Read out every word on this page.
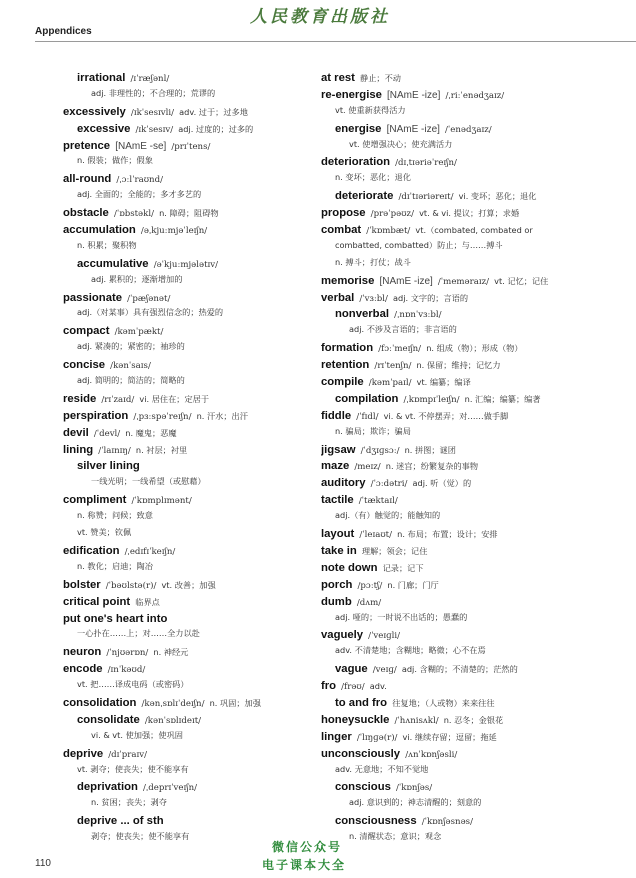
人民教育出版社
Appendices
irrational /ɪˈræʃənl/
adj. 非理性的；不合理的；荒谬的
excessively /ɪkˈsesɪvli/ adv. 过于；过多地
excessive /ɪkˈsesɪv/ adj. 过度的；过多的
pretence [NAmE -se] /prɪˈtens/
n. 假装；做作；假象
all-round /ˌɔːlˈraʊnd/
adj. 全面的；全能的；多才多艺的
obstacle /ˈɒbstəkl/ n. 障碍；阻碍物
accumulation /əˌkjuːmjəˈleɪʃn/
n. 积累；聚积物
accumulative /əˈkjuːmjələtɪv/
adj. 累积的；逐渐增加的
passionate /ˈpæʃənət/
adj.（对某事）具有强烈信念的；热爱的
compact /kəmˈpækt/
adj. 紧凑的；紧密的；袖珍的
concise /kənˈsaɪs/
adj. 简明的；简洁的；简略的
reside /rɪˈzaɪd/ vi. 居住在；定居于
perspiration /ˌpɜːspəˈreɪʃn/ n. 汗水；出汗
devil /ˈdevl/ n. 魔鬼；恶魔
lining /ˈlaɪnɪŋ/ n. 衬层；衬里
silver lining
一线光明；一线希望（或慰藉）
compliment /ˈkɒmplɪmənt/
n. 称赞；问候；致意
vt. 赞美；钦佩
edification /ˌedɪfɪˈkeɪʃn/
n. 教化；启迪；陶冶
bolster /ˈbəʊlstə(r)/ vt. 改善；加强
critical point 临界点
put one's heart into
一心扑在……上；对……全力以赴
neuron /ˈnjʊərɒn/ n. 神经元
encode /ɪnˈkəʊd/
vt. 把……译成电码（或密码）
consolidation /kənˌsɒlɪˈdeɪʃn/ n. 巩固；加强
consolidate /kənˈsɒlɪdeɪt/
vi. & vt. 使加强；使巩固
deprive /dɪˈpraɪv/
vt. 剥夺；使丧失；使不能享有
deprivation /ˌdeprɪˈveɪʃn/
n. 贫困；丧失；剥夺
deprive ... of sth
剥夺；使丧失；使不能享有
at rest 静止；不动
re-energise [NAmE -ize] /ˌriːˈenədʒaɪz/
vt. 使重新获得活力
energise [NAmE -ize] /ˈenədʒaɪz/
vt. 使增强决心；使充满活力
deterioration /dɪˌtɪəriəˈreɪʃn/
n. 变坏；恶化；退化
deteriorate /dɪˈtɪəriəreɪt/ vi. 变坏；恶化；退化
propose /prəˈpəʊz/ vt. & vi. 提议；打算；求婚
combat /ˈkɒmbæt/ vt.（combated, combated or
combatted, combatted）防止；与……搏斗
n. 搏斗；打仗；战斗
memorise [NAmE -ize] /ˈmeməraɪz/ vt. 记忆；记住
verbal /ˈvɜːbl/ adj. 文字的；言语的
nonverbal /ˌnɒnˈvɜːbl/
adj. 不涉及言语的；非言语的
formation /fɔːˈmeɪʃn/ n. 组成（物）；形成（物）
retention /rɪˈtenʃn/ n. 保留；维持；记忆力
compile /kəmˈpaɪl/ vt. 编纂；编译
compilation /ˌkɒmpɪˈleɪʃn/ n. 汇编；编纂；编著
fiddle /ˈfɪdl/ vi. & vt. 不停摆弄；对……做手脚
n. 骗局；欺诈；骗局
jigsaw /ˈdʒɪɡsɔː/ n. 拼图；谜团
maze /meɪz/ n. 迷宫；纷繁复杂的事物
auditory /ˈɔːdətri/ adj. 听（觉）的
tactile /ˈtæktaɪl/
adj.（有）触觉的；能触知的
layout /ˈleɪaʊt/ n. 布局；布置；设计；安排
take in 理解；领会；记住
note down 记录；记下
porch /pɔːtʃ/ n. 门廊；门厅
dumb /dʌm/
adj. 哑的；一时说不出话的；愚蠢的
vaguely /ˈveɪɡli/
adv. 不清楚地；含糊地；略微；心不在焉
vague /veɪɡ/ adj. 含糊的；不清楚的；茫然的
fro /frəʊ/ adv.
to and fro 往复地；（人或物）来来往往
honeysuckle /ˈhʌnisʌkl/ n. 忍冬；金银花
linger /ˈlɪŋɡə(r)/ vi. 继续存留；逗留；拖延
unconsciously /ʌnˈkɒnʃəsli/
adv. 无意地；不知不觉地
conscious /ˈkɒnʃəs/
adj. 意识到的；神志清醒的；刻意的
consciousness /ˈkɒnʃəsnəs/
n. 清醒状态；意识；观念
110
微信公众号
电子课本大全
